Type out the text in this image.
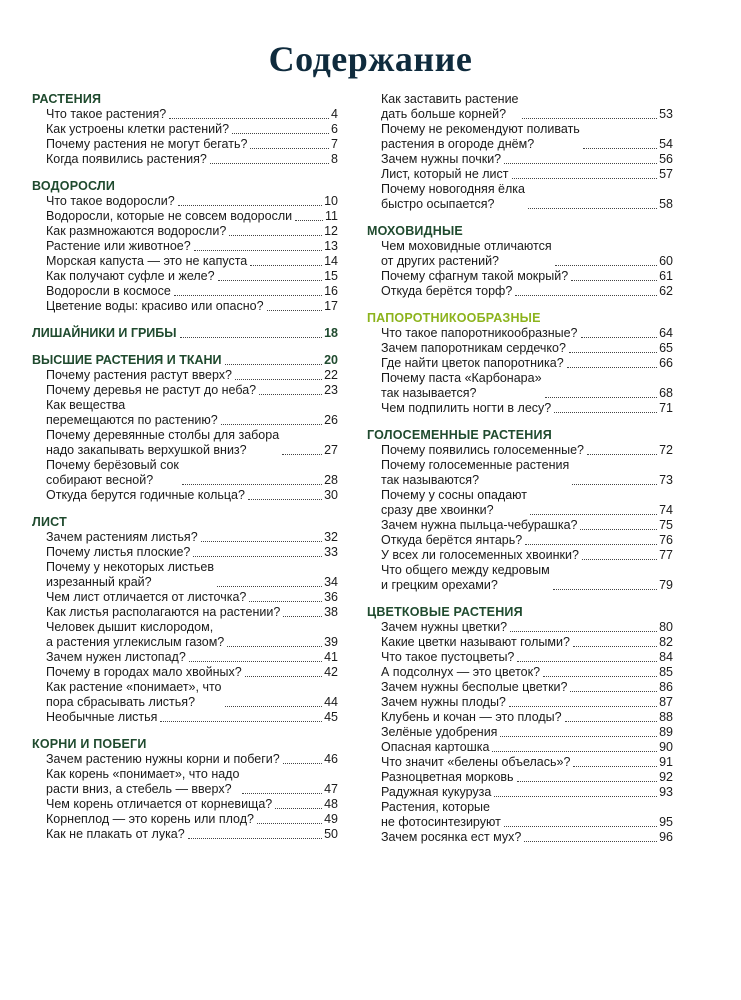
Содержание
РАСТЕНИЯ
Что такое растения?	4
Как устроены клетки растений?	6
Почему растения не могут бегать?	7
Когда появились растения?	8
ВОДОРОСЛИ
Что такое водоросли?	10
Водоросли, которые не совсем водоросли	11
Как размножаются водоросли?	12
Растение или животное?	13
Морская капуста — это не капуста	14
Как получают суфле и желе?	15
Водоросли в космосе	16
Цветение воды: красиво или опасно?	17
ЛИШАЙНИКИ И ГРИБЫ	18
ВЫСШИЕ РАСТЕНИЯ И ТКАНИ	20
Почему растения растут вверх?	22
Почему деревья не растут до неба?	23
Как вещества
перемещаются по растению?	26
Почему деревянные столбы для забора
надо закапывать верхушкой вниз?	27
Почему берёзовый сок
собирают весной?	28
Откуда берутся годичные кольца?	30
ЛИСТ
Зачем растениям листья?	32
Почему листья плоские?	33
Почему у некоторых листьев
изрезанный край?	34
Чем лист отличается от листочка?	36
Как листья располагаются на растении?	38
Человек дышит кислородом,
а растения углекислым газом?	39
Зачем нужен листопад?	41
Почему в городах мало хвойных?	42
Как растение «понимает», что
пора сбрасывать листья?	44
Необычные листья	45
КОРНИ И ПОБЕГИ
Зачем растению нужны корни и побеги?	46
Как корень «понимает», что надо
расти вниз, а стебель — вверх?	47
Чем корень отличается от корневища?	48
Корнеплод — это корень или плод?	49
Как не плакать от лука?	50
Как заставить растение
дать больше корней?	53
Почему не рекомендуют поливать
растения в огороде днём?	54
Зачем нужны почки?	56
Лист, который не лист	57
Почему новогодняя ёлка
быстро осыпается?	58
МОХОВИДНЫЕ
Чем моховидные отличаются
от других растений?	60
Почему сфагнум такой мокрый?	61
Откуда берётся торф?	62
ПАПОРОТНИКООБРАЗНЫЕ
Что такое папоротникообразные?	64
Зачем папоротникам сердечко?	65
Где найти цветок папоротника?	66
Почему паста «Карбонара»
так называется?	68
Чем подпилить ногти в лесу?	71
ГОЛОСЕМЕННЫЕ РАСТЕНИЯ
Почему появились голосеменные?	72
Почему голосеменные растения
так называются?	73
Почему у сосны опадают
сразу две хвоинки?	74
Зачем нужна пыльца-чебурашка?	75
Откуда берётся янтарь?	76
У всех ли голосеменных хвоинки?	77
Что общего между кедровым
и грецким орехами?	79
ЦВЕТКОВЫЕ РАСТЕНИЯ
Зачем нужны цветки?	80
Какие цветки называют голыми?	82
Что такое пустоцветы?	84
А подсолнух — это цветок?	85
Зачем нужны бесполые цветки?	86
Зачем нужны плоды?	87
Клубень и кочан — это плоды?	88
Зелёные удобрения	89
Опасная картошка	90
Что значит «белены объелась»?	91
Разноцветная морковь	92
Радужная кукуруза	93
Растения, которые
не фотосинтезируют	95
Зачем росянка ест мух?	96
